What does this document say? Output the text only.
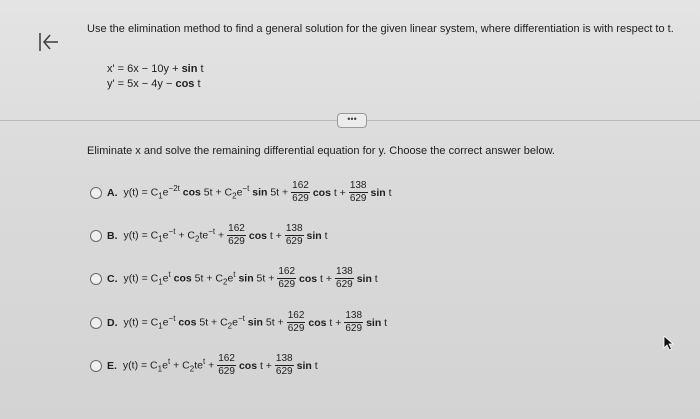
Use the elimination method to find a general solution for the given linear system, where differentiation is with respect to t.
x' = 6x − 10y + sin t
y' = 5x − 4y − cos t
•••
Eliminate x and solve the remaining differential equation for y. Choose the correct answer below.
A. $y(t) = C_1e^{-2t}$ $\cos 5t + C_2e^{-t}$ $\sin 5t + \frac{162}{629}$ $\cos t + \frac{138}{629}$ sin t
B. $y(t) = C_1e^{-t} + C_2te^{-t} + \frac{162}{629}$ $\cos t + \frac{138}{629}$ sin t
C. $y(t) = C_1e^t$ $\cos 5t + C_2e^t$ $\sin 5t + \frac{162}{629}$ $\cos t + \frac{138}{629}$ sin t
D. $y(t) = C_1e^{-t}$ $\cos 5t + C_2e^{-t}$ $\sin 5t + \frac{162}{629}$ $\cos t + \frac{138}{629}$ sin t
E. $y(t) = C_1e^t + C_2te^t + \frac{162}{629}$ $\cos t + \frac{138}{629}$ sin t
